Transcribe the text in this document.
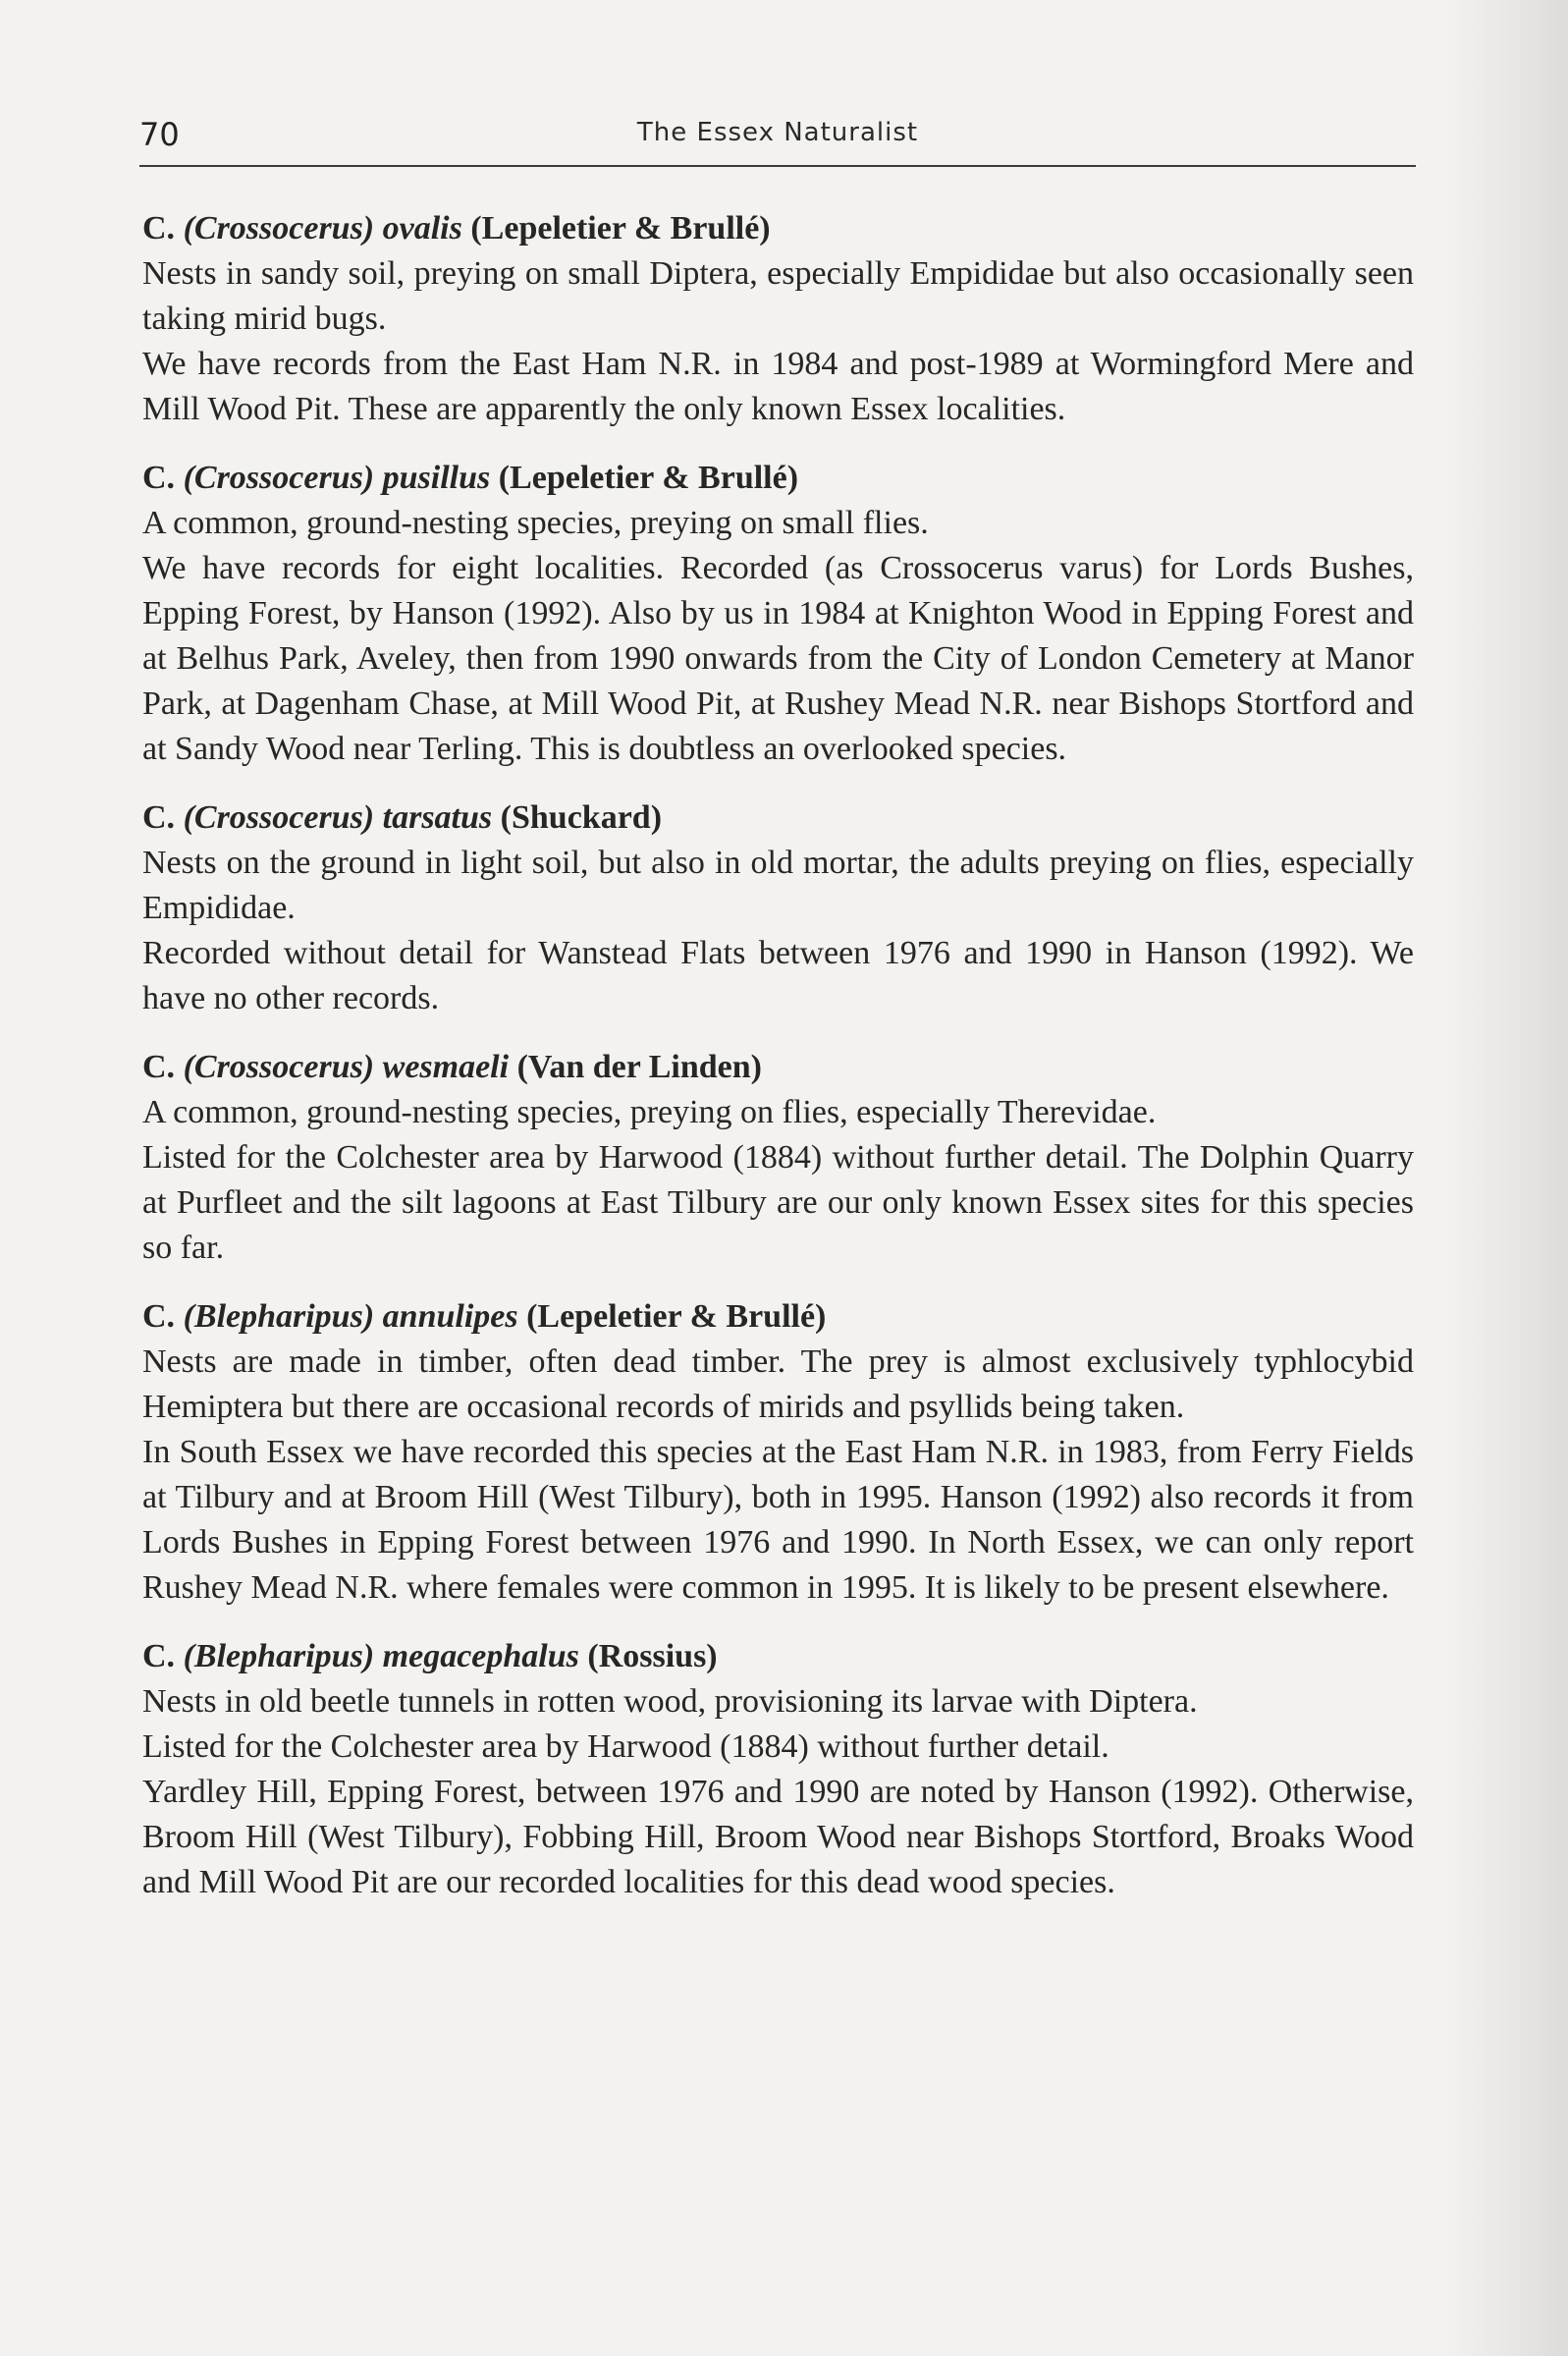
70	The Essex Naturalist

C. (Crossocerus) ovalis (Lepeletier & Brullé)

Nests in sandy soil, preying on small Diptera, especially Empididae but also occasionally seen taking mirid bugs.

We have records from the East Ham N.R. in 1984 and post-1989 at Wormingford Mere and Mill Wood Pit. These are apparently the only known Essex localities.

C. (Crossocerus) pusillus (Lepeletier & Brullé)

A common, ground-nesting species, preying on small flies.

We have records for eight localities. Recorded (as Crossocerus varus) for Lords Bushes, Epping Forest, by Hanson (1992). Also by us in 1984 at Knighton Wood in Epping Forest and at Belhus Park, Aveley, then from 1990 onwards from the City of London Cemetery at Manor Park, at Dagenham Chase, at Mill Wood Pit, at Rushey Mead N.R. near Bishops Stortford and at Sandy Wood near Terling. This is doubtless an overlooked species.

C. (Crossocerus) tarsatus (Shuckard)

Nests on the ground in light soil, but also in old mortar, the adults preying on flies, especially Empididae.

Recorded without detail for Wanstead Flats between 1976 and 1990 in Hanson (1992). We have no other records.

C. (Crossocerus) wesmaeli (Van der Linden)

A common, ground-nesting species, preying on flies, especially Therevidae.

Listed for the Colchester area by Harwood (1884) without further detail. The Dolphin Quarry at Purfleet and the silt lagoons at East Tilbury are our only known Essex sites for this species so far.

C. (Blepharipus) annulipes (Lepeletier & Brullé)

Nests are made in timber, often dead timber. The prey is almost exclusively typhlocybid Hemiptera but there are occasional records of mirids and psyllids being taken.

In South Essex we have recorded this species at the East Ham N.R. in 1983, from Ferry Fields at Tilbury and at Broom Hill (West Tilbury), both in 1995. Hanson (1992) also records it from Lords Bushes in Epping Forest between 1976 and 1990. In North Essex, we can only report Rushey Mead N.R. where females were common in 1995. It is likely to be present elsewhere.

C. (Blepharipus) megacephalus (Rossius)

Nests in old beetle tunnels in rotten wood, provisioning its larvae with Diptera.

Listed for the Colchester area by Harwood (1884) without further detail.

Yardley Hill, Epping Forest, between 1976 and 1990 are noted by Hanson (1992). Otherwise, Broom Hill (West Tilbury), Fobbing Hill, Broom Wood near Bishops Stortford, Broaks Wood and Mill Wood Pit are our recorded localities for this dead wood species.
